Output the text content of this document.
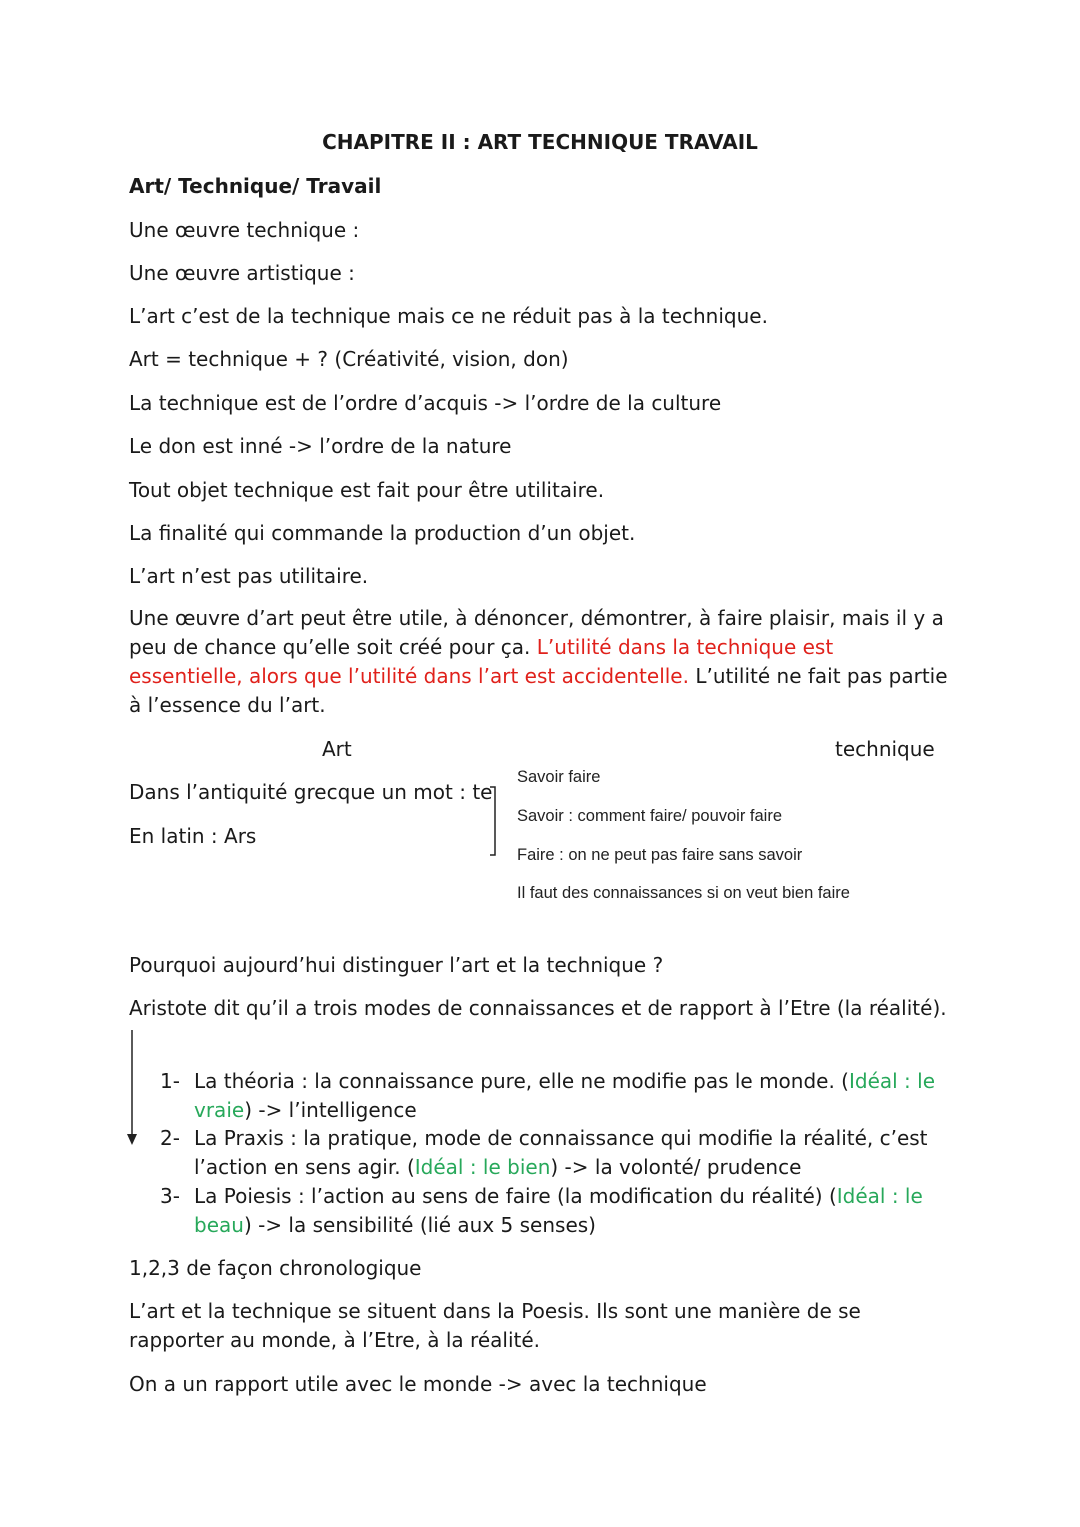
CHAPITRE II : ART TECHNIQUE TRAVAIL
Art/ Technique/ Travail
Une œuvre technique :
Une œuvre artistique :
L’art c’est de la technique mais ce ne réduit pas à la technique.
Art = technique + ? (Créativité, vision, don)
La technique est de l’ordre d’acquis -> l’ordre de la culture
Le don est inné -> l’ordre de la nature
Tout objet technique est fait pour être utilitaire.
La finalité qui commande la production d’un objet.
L’art n’est pas utilitaire.
Une œuvre d’art peut être utile, à dénoncer, démontrer, à faire plaisir, mais il y a peu de chance qu’elle soit créé pour ça. L’utilité dans la technique est essentielle, alors que l’utilité dans l’art est accidentelle. L’utilité ne fait pas partie à l’essence du l’art.
Art	technique
Dans l’antiquité grecque un mot : te
En latin : Ars
Savoir faire
Savoir : comment faire/ pouvoir faire
Faire : on ne peut pas faire sans savoir
Il faut des connaissances si on veut bien faire
Pourquoi aujourd’hui distinguer l’art et la technique ?
Aristote dit qu’il a trois modes de connaissances et de rapport à l’Etre (la réalité).
1- La théoria : la connaissance pure, elle ne modifie pas le monde. (Idéal : le vraie) -> l’intelligence
2- La Praxis : la pratique, mode de connaissance qui modifie la réalité, c’est l’action en sens agir. (Idéal : le bien) -> la volonté/ prudence
3- La Poiesis : l’action au sens de faire (la modification du réalité) (Idéal : le beau) -> la sensibilité (lié aux 5 senses)
1,2,3 de façon chronologique
L’art et la technique se situent dans la Poesis. Ils sont une manière de se rapporter au monde, à l’Etre, à la réalité.
On a un rapport utile avec le monde -> avec la technique
